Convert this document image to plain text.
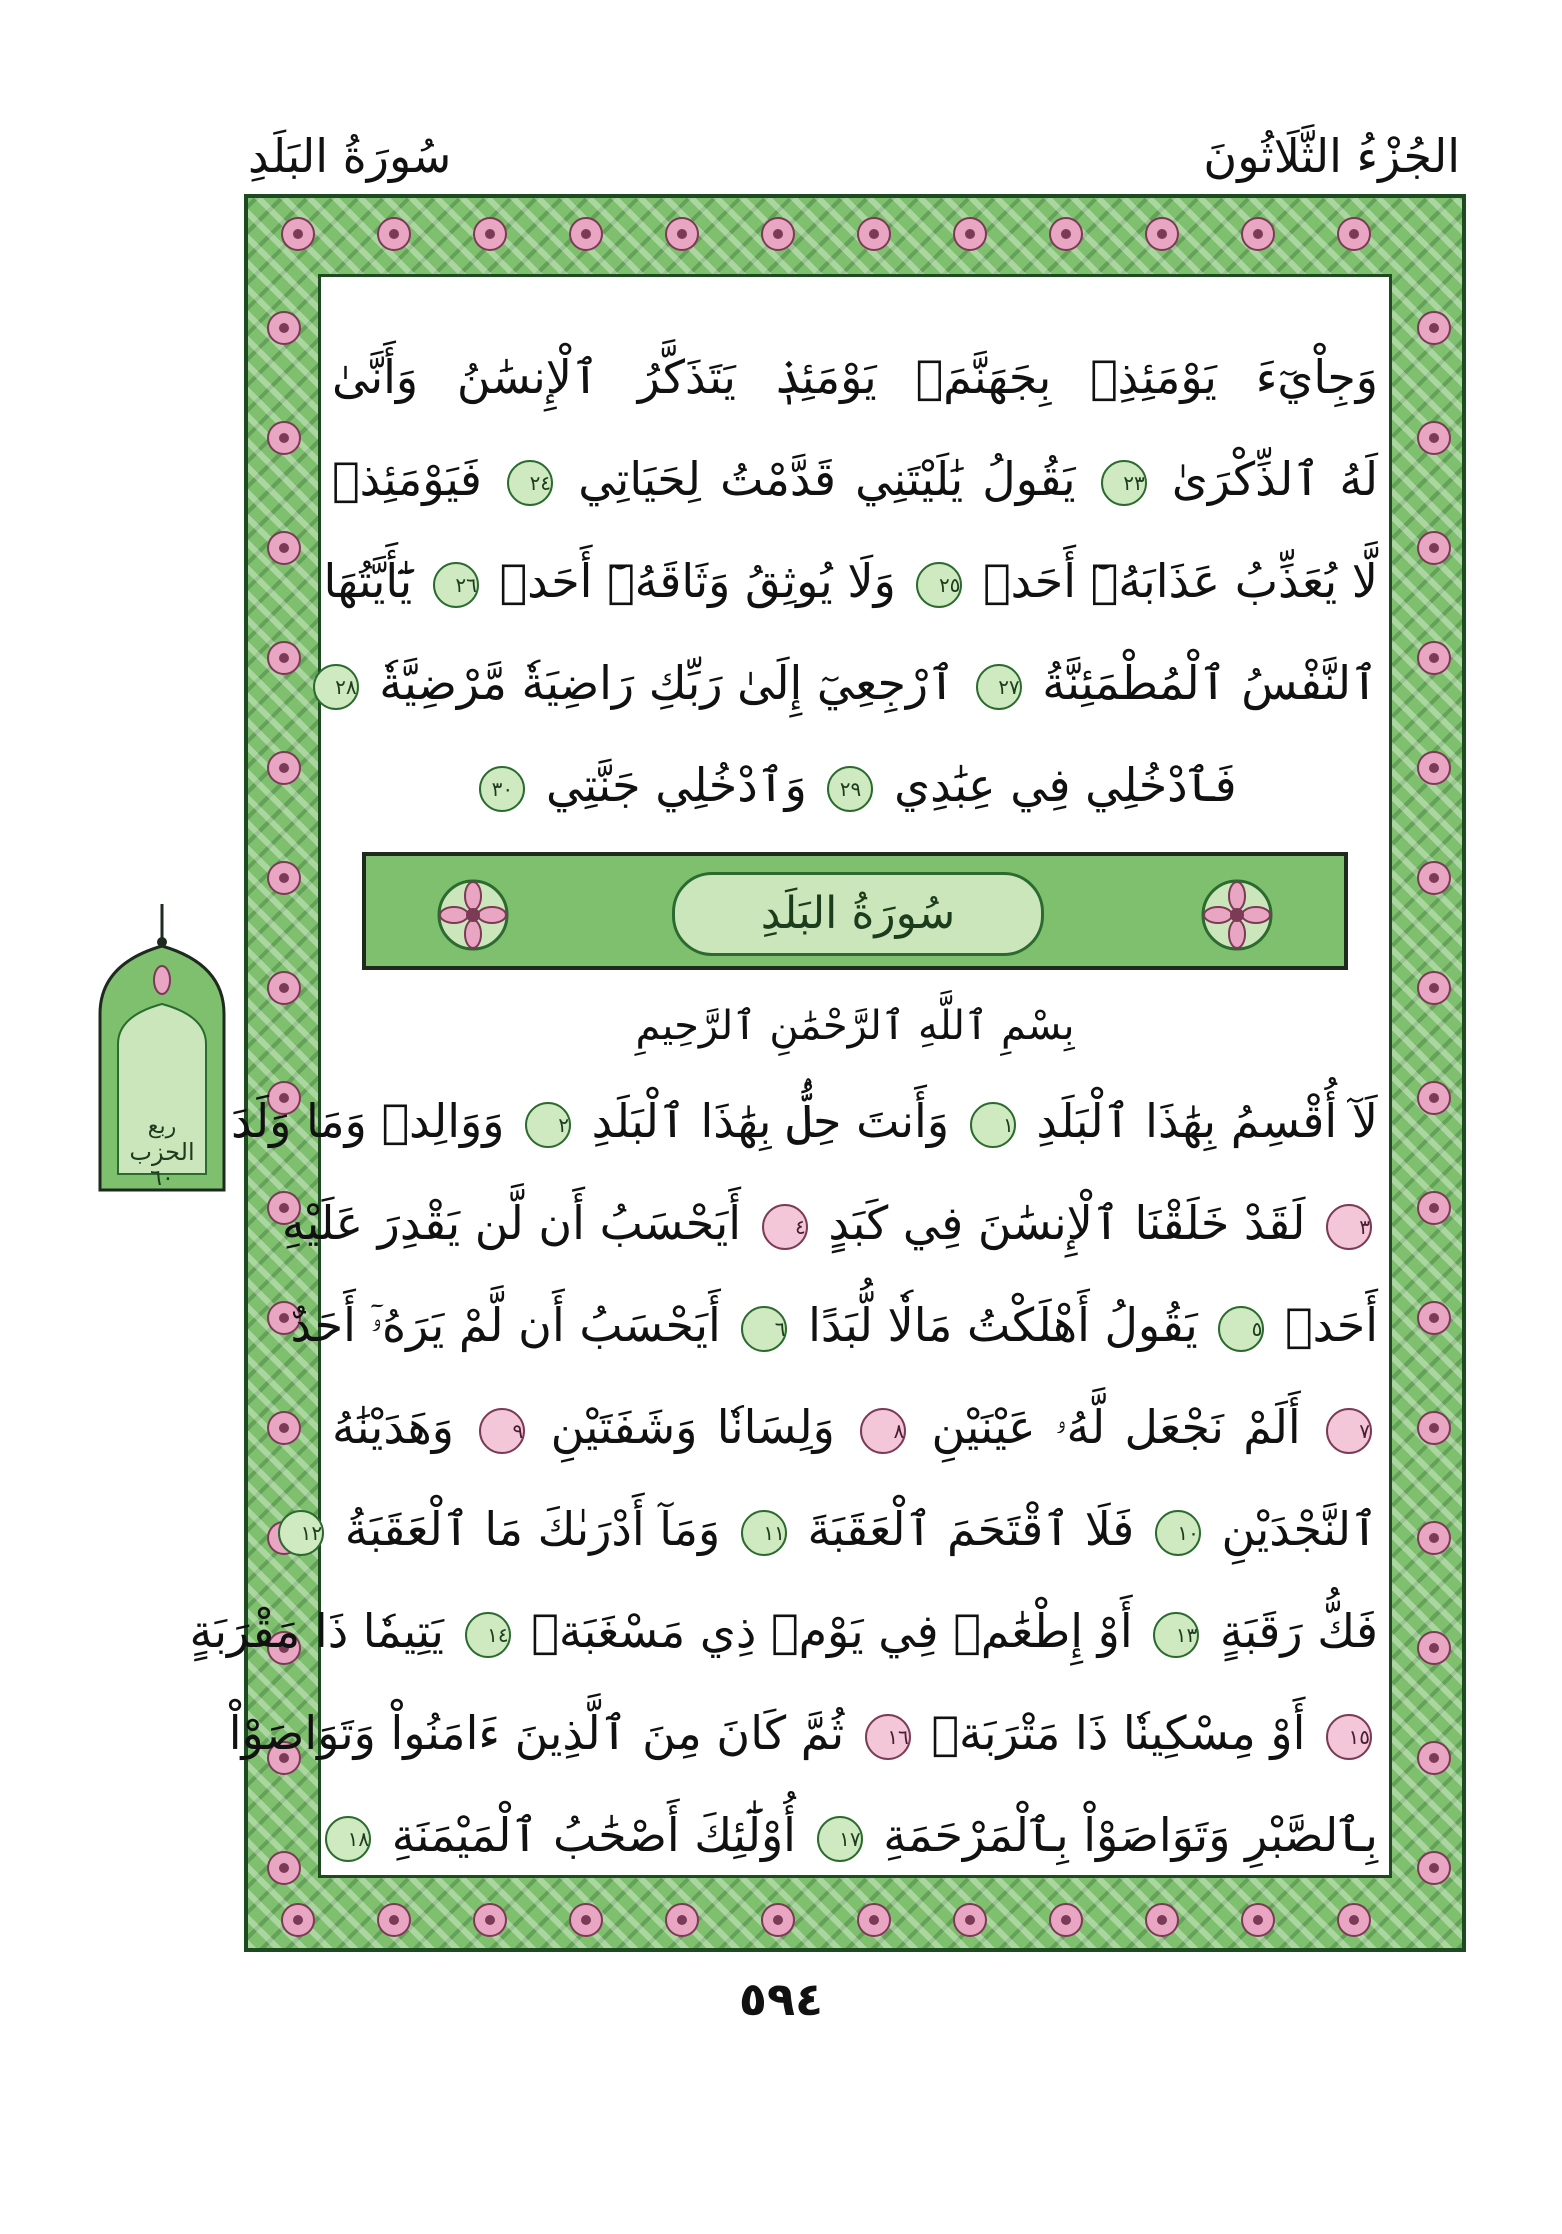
الجُزْءُ الثَّلَاثُونَ
سُورَةُ البَلَدِ
وَجِاْيٓءَ يَوْمَئِذِۭ بِجَهَنَّمَۚ يَوْمَئِذٖ يَتَذَكَّرُ ٱلْإِنسَٰنُ وَأَنَّىٰ
لَهُ ٱلذِّكْرَىٰ ٢٣ يَقُولُ يَٰلَيْتَنِي قَدَّمْتُ لِحَيَاتِي ٢٤ فَيَوْمَئِذٖ
لَّا يُعَذِّبُ عَذَابَهُۥٓ أَحَدٞ ٢٥ وَلَا يُوثِقُ وَثَاقَهُۥٓ أَحَدٞ ٢٦ يَٰٓأَيَّتُهَا
ٱلنَّفْسُ ٱلْمُطْمَئِنَّةُ ٢٧ ٱرْجِعِيٓ إِلَىٰ رَبِّكِ رَاضِيَةٗ مَّرْضِيَّةٗ ٢٨
فَٱدْخُلِي فِي عِبَٰدِي ٢٩ وَٱدْخُلِي جَنَّتِي ٣٠
سُورَةُ البَلَدِ
بِسْمِ ٱللَّهِ ٱلرَّحْمَٰنِ ٱلرَّحِيمِ
لَآ أُقْسِمُ بِهَٰذَا ٱلْبَلَدِ ١ وَأَنتَ حِلُّۢ بِهَٰذَا ٱلْبَلَدِ ٢ وَوَالِدٖ وَمَا وَلَدَ
٣ لَقَدْ خَلَقْنَا ٱلْإِنسَٰنَ فِي كَبَدٍ ٤ أَيَحْسَبُ أَن لَّن يَقْدِرَ عَلَيْهِ
أَحَدٞ ٥ يَقُولُ أَهْلَكْتُ مَالٗا لُّبَدًا ٦ أَيَحْسَبُ أَن لَّمْ يَرَهُۥٓ أَحَدٌ
٧ أَلَمْ نَجْعَل لَّهُۥ عَيْنَيْنِ ٨ وَلِسَانٗا وَشَفَتَيْنِ ٩ وَهَدَيْنَٰهُ
ٱلنَّجْدَيْنِ ١٠ فَلَا ٱقْتَحَمَ ٱلْعَقَبَةَ ١١ وَمَآ أَدْرَىٰكَ مَا ٱلْعَقَبَةُ ١٢
فَكُّ رَقَبَةٍ ١٣ أَوْ إِطْعَٰمٞ فِي يَوْمٖ ذِي مَسْغَبَةٖ ١٤ يَتِيمٗا ذَا مَقْرَبَةٍ
١٥ أَوْ مِسْكِينٗا ذَا مَتْرَبَةٖ ١٦ ثُمَّ كَانَ مِنَ ٱلَّذِينَ ءَامَنُواْ وَتَوَاصَوْاْ
بِٱلصَّبْرِ وَتَوَاصَوْاْ بِٱلْمَرْحَمَةِ ١٧ أُوْلَٰٓئِكَ أَصْحَٰبُ ٱلْمَيْمَنَةِ ١٨
ربع
الحزب
٦٠
٥٩٤
